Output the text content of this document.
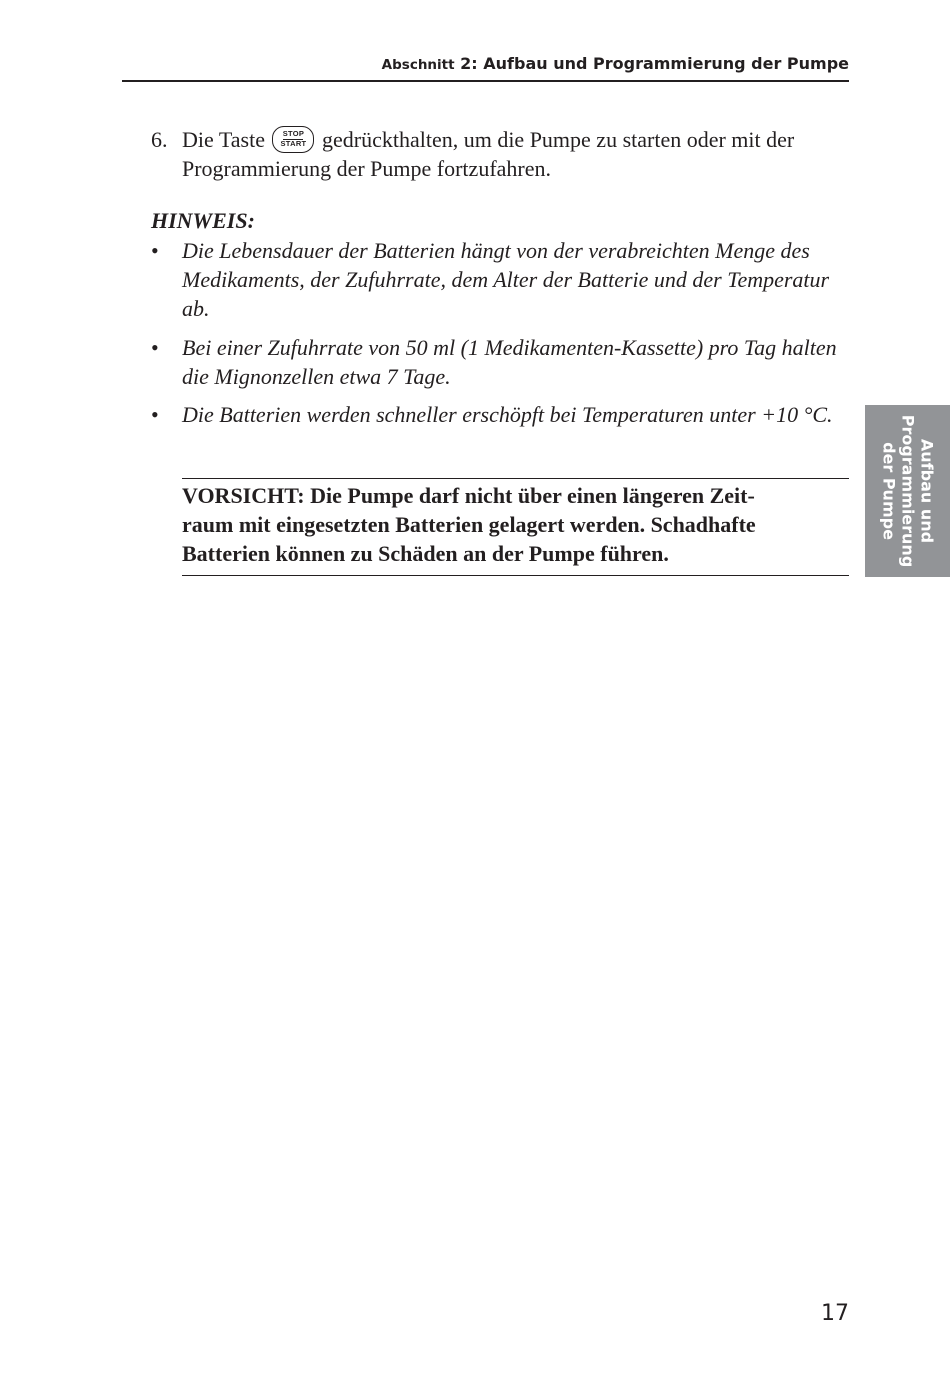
Abschnitt 2: Aufbau und Programmierung der Pumpe
6. Die Taste	STOP
START gedrückthalten, um die Pumpe zu starten oder mit der Programmierung der Pumpe fortzufahren.
HINWEIS:
• Die Lebensdauer der Batterien hängt von der verabreichten Menge des Medikaments, der Zufuhrrate, dem Alter der Batterie und der Temperatur ab.
• Bei einer Zufuhrrate von 50 ml (1 Medikamenten-Kassette) pro Tag halten die Mignonzellen etwa 7 Tage.
• Die Batterien werden schneller erschöpft bei Temperaturen unter +10 °C.
VORSICHT: Die Pumpe darf nicht über einen längeren Zeit-
raum mit eingesetzten Batterien gelagert werden. Schadhafte
Batterien können zu Schäden an der Pumpe führen.
Aufbau und
Programmierung
der Pumpe
17
